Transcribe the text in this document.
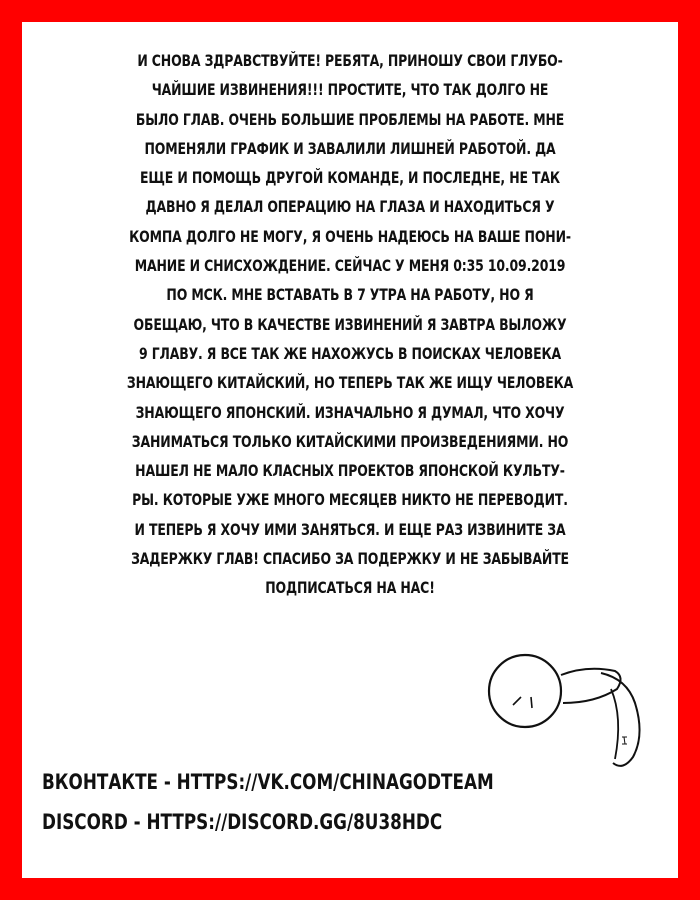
И СНОВА ЗДРАВСТВУЙТЕ! РЕБЯТА, ПРИНОШУ СВОИ ГЛУБО-
ЧАЙШИЕ ИЗВИНЕНИЯ!!! ПРОСТИТЕ, ЧТО ТАК ДОЛГО НЕ
БЫЛО ГЛАВ. ОЧЕНЬ БОЛЬШИЕ ПРОБЛЕМЫ НА РАБОТЕ. МНЕ
ПОМЕНЯЛИ ГРАФИК И ЗАВАЛИЛИ ЛИШНЕЙ РАБОТОЙ. ДА
ЕЩЕ И ПОМОЩЬ ДРУГОЙ КОМАНДЕ, И ПОСЛЕДНЕ, НЕ ТАК
ДАВНО Я ДЕЛАЛ ОПЕРАЦИЮ НА ГЛАЗА И НАХОДИТЬСЯ У
КОМПА ДОЛГО НЕ МОГУ, Я ОЧЕНЬ НАДЕЮСЬ НА ВАШЕ ПОНИ-
МАНИЕ И СНИСХОЖДЕНИЕ. СЕЙЧАС У МЕНЯ 0:35 10.09.2019
ПО МСК. МНЕ ВСТАВАТЬ В 7 УТРА НА РАБОТУ, НО Я
ОБЕЩАЮ, ЧТО В КАЧЕСТВЕ ИЗВИНЕНИЙ Я ЗАВТРА ВЫЛОЖУ
9 ГЛАВУ. Я ВСЕ ТАК ЖЕ НАХОЖУСЬ В ПОИСКАХ ЧЕЛОВЕКА
ЗНАЮЩЕГО КИТАЙСКИЙ, НО ТЕПЕРЬ ТАК ЖЕ ИЩУ ЧЕЛОВЕКА
ЗНАЮЩЕГО ЯПОНСКИЙ. ИЗНАЧАЛЬНО Я ДУМАЛ, ЧТО ХОЧУ
ЗАНИМАТЬСЯ ТОЛЬКО КИТАЙСКИМИ ПРОИЗВЕДЕНИЯМИ. НО
НАШЕЛ НЕ МАЛО КЛАСНЫХ ПРОЕКТОВ ЯПОНСКОЙ КУЛЬТУ-
РЫ. КОТОРЫЕ УЖЕ МНОГО МЕСЯЦЕВ НИКТО НЕ ПЕРЕВОДИТ.
И ТЕПЕРЬ Я ХОЧУ ИМИ ЗАНЯТЬСЯ. И ЕЩЕ РАЗ ИЗВИНИТЕ ЗА
ЗАДЕРЖКУ ГЛАВ! СПАСИБО ЗА ПОДЕРЖКУ И НЕ ЗАБЫВАЙТЕ
ПОДПИСАТЬСЯ НА НАС!
ВКОНТАКТЕ - HTTPS://VK.COM/CHINAGODTEAM
DISCORD - HTTPS://DISCORD.GG/8U38HDC
